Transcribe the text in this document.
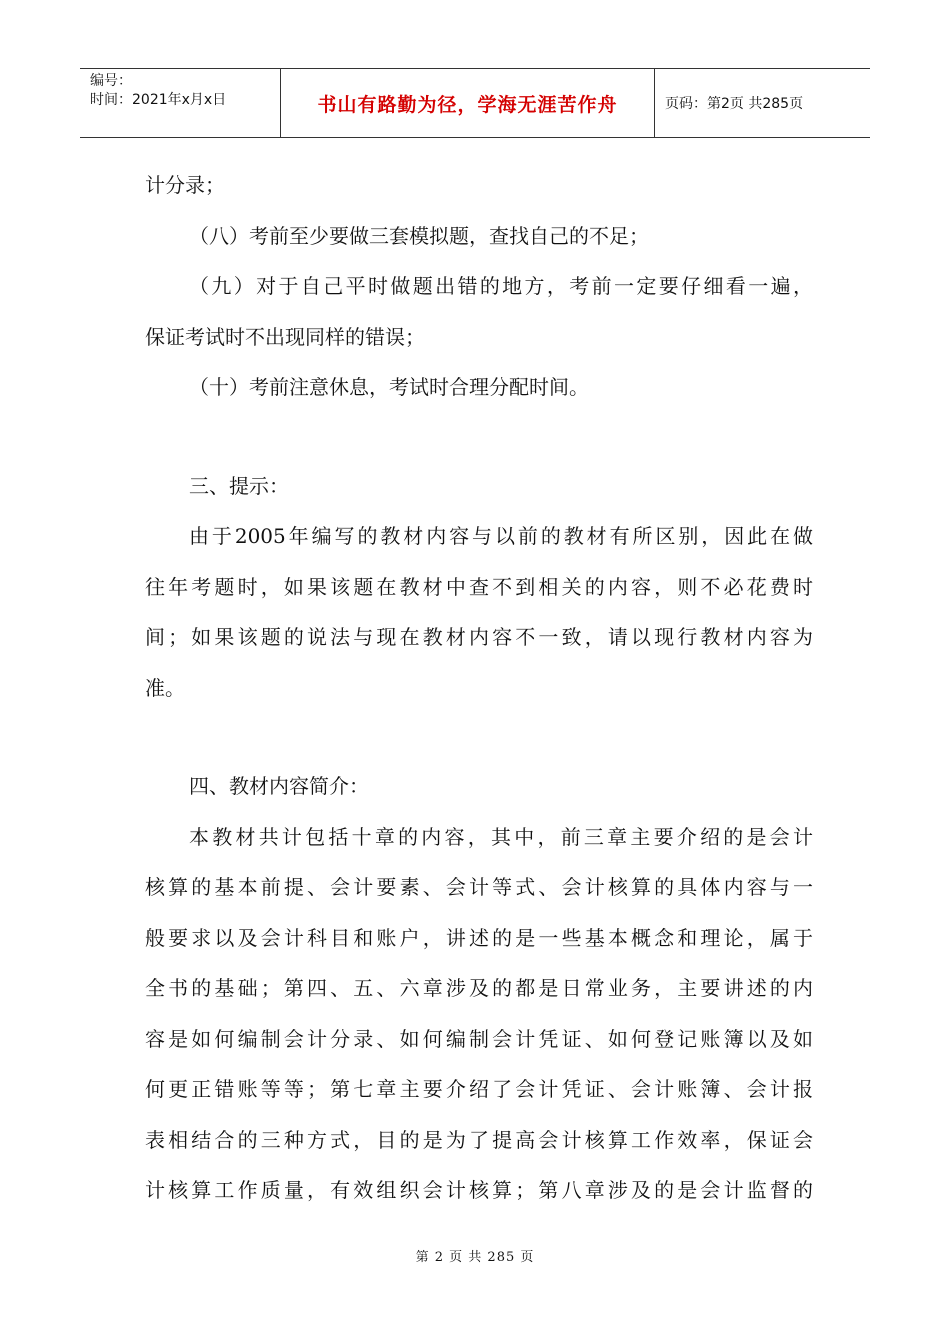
编号：
时间：2021年x月x日	书山有路勤为径，学海无涯苦作舟	页码：第2页 共285页
计分录；
（八）考前至少要做三套模拟题，查找自己的不足；
（九）对于自己平时做题出错的地方，考前一定要仔细看一遍，
保证考试时不出现同样的错误；
（十）考前注意休息，考试时合理分配时间。
三、提示：
由于2005年编写的教材内容与以前的教材有所区别，因此在做
往年考题时，如果该题在教材中查不到相关的内容，则不必花费时
间；如果该题的说法与现在教材内容不一致，请以现行教材内容为
准。
四、教材内容简介：
本教材共计包括十章的内容，其中，前三章主要介绍的是会计
核算的基本前提、会计要素、会计等式、会计核算的具体内容与一
般要求以及会计科目和账户，讲述的是一些基本概念和理论，属于
全书的基础；第四、五、六章涉及的都是日常业务，主要讲述的内
容是如何编制会计分录、如何编制会计凭证、如何登记账簿以及如
何更正错账等等；第七章主要介绍了会计凭证、会计账簿、会计报
表相结合的三种方式，目的是为了提高会计核算工作效率，保证会
计核算工作质量，有效组织会计核算；第八章涉及的是会计监督的
第 2 页 共 285 页
